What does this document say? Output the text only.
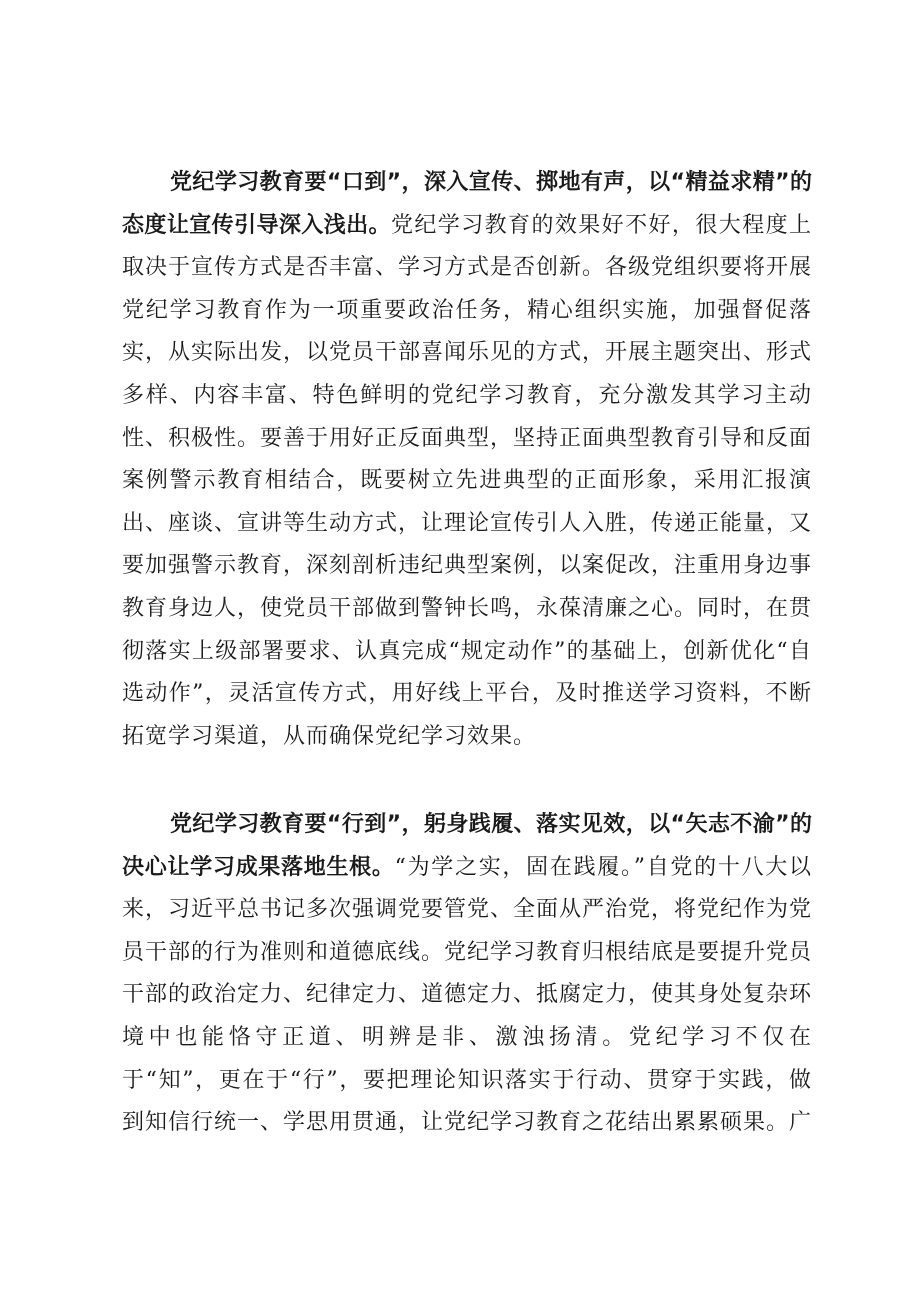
党纪学习教育要“口到”，深入宣传、掷地有声，以“精益求精”的态度让宣传引导深入浅出。党纪学习教育的效果好不好，很大程度上取决于宣传方式是否丰富、学习方式是否创新。各级党组织要将开展党纪学习教育作为一项重要政治任务，精心组织实施，加强督促落实，从实际出发，以党员干部喜闻乐见的方式，开展主题突出、形式多样、内容丰富、特色鲜明的党纪学习教育，充分激发其学习主动性、积极性。要善于用好正反面典型，坚持正面典型教育引导和反面案例警示教育相结合，既要树立先进典型的正面形象，采用汇报演出、座谈、宣讲等生动方式，让理论宣传引人入胜，传递正能量，又要加强警示教育，深刻剖析违纪典型案例，以案促改，注重用身边事教育身边人，使党员干部做到警钟长鸣，永葆清廉之心。同时，在贯彻落实上级部署要求、认真完成“规定动作”的基础上，创新优化“自选动作”，灵活宣传方式，用好线上平台，及时推送学习资料，不断拓宽学习渠道，从而确保党纪学习效果。

党纪学习教育要“行到”，躬身践履、落实见效，以“矢志不渝”的决心让学习成果落地生根。“为学之实，固在践履。”自党的十八大以来，习近平总书记多次强调党要管党、全面从严治党，将党纪作为党员干部的行为准则和道德底线。党纪学习教育归根结底是要提升党员干部的政治定力、纪律定力、道德定力、抵腐定力，使其身处复杂环境中也能恪守正道、明辨是非、激浊扬清。党纪学习不仅在于“知”，更在于“行”，要把理论知识落实于行动、贯穿于实践，做到知信行统一、学思用贯通，让党纪学习教育之花结出累累硕果。广
